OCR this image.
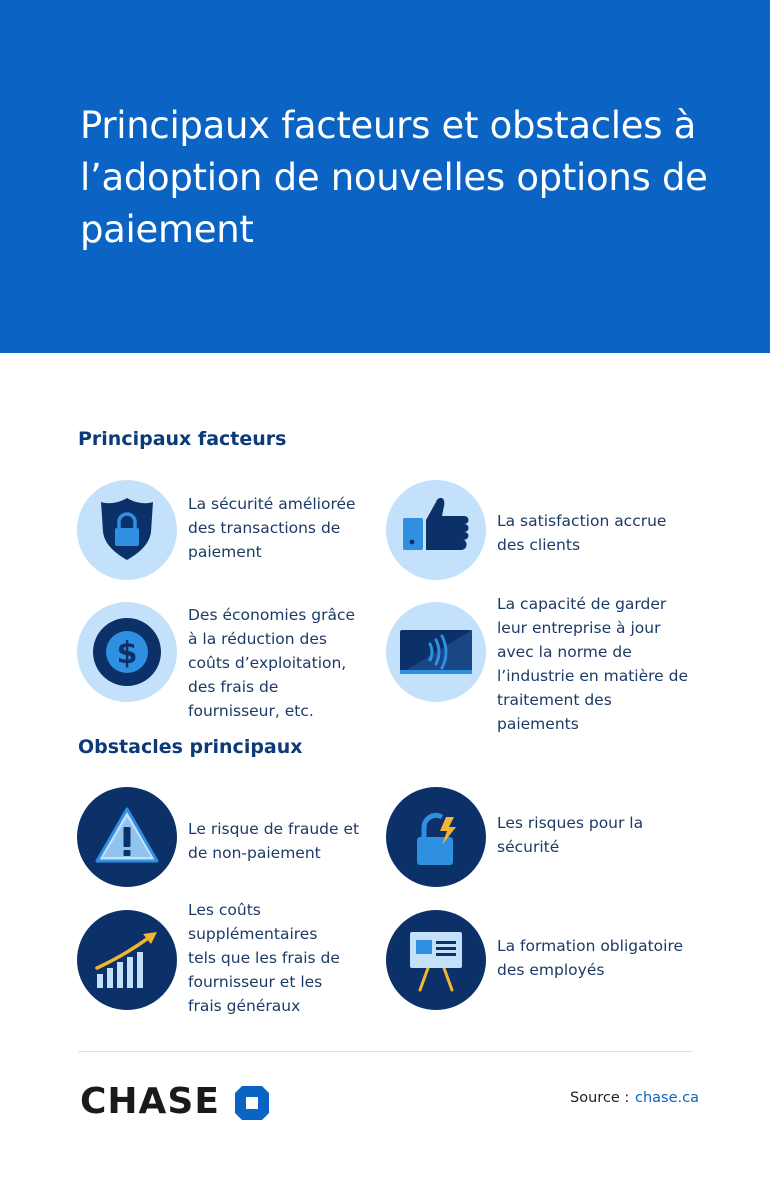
Principaux facteurs et obstacles à l’adoption de nouvelles options de paiement
Principaux facteurs
La sécurité améliorée des transactions de paiement
La satisfaction accrue des clients
$
Des économies grâce à la réduction des coûts d’exploitation, des frais de fournisseur, etc.
La capacité de garder leur entreprise à jour avec la norme de l’industrie en matière de traitement des paiements
Obstacles principaux
Le risque de fraude et de non-paiement
Les risques pour la sécurité
Les coûts supplémentaires tels que les frais de fournisseur et les frais généraux
La formation obligatoire des employés
CHASE	Source : chase.ca
